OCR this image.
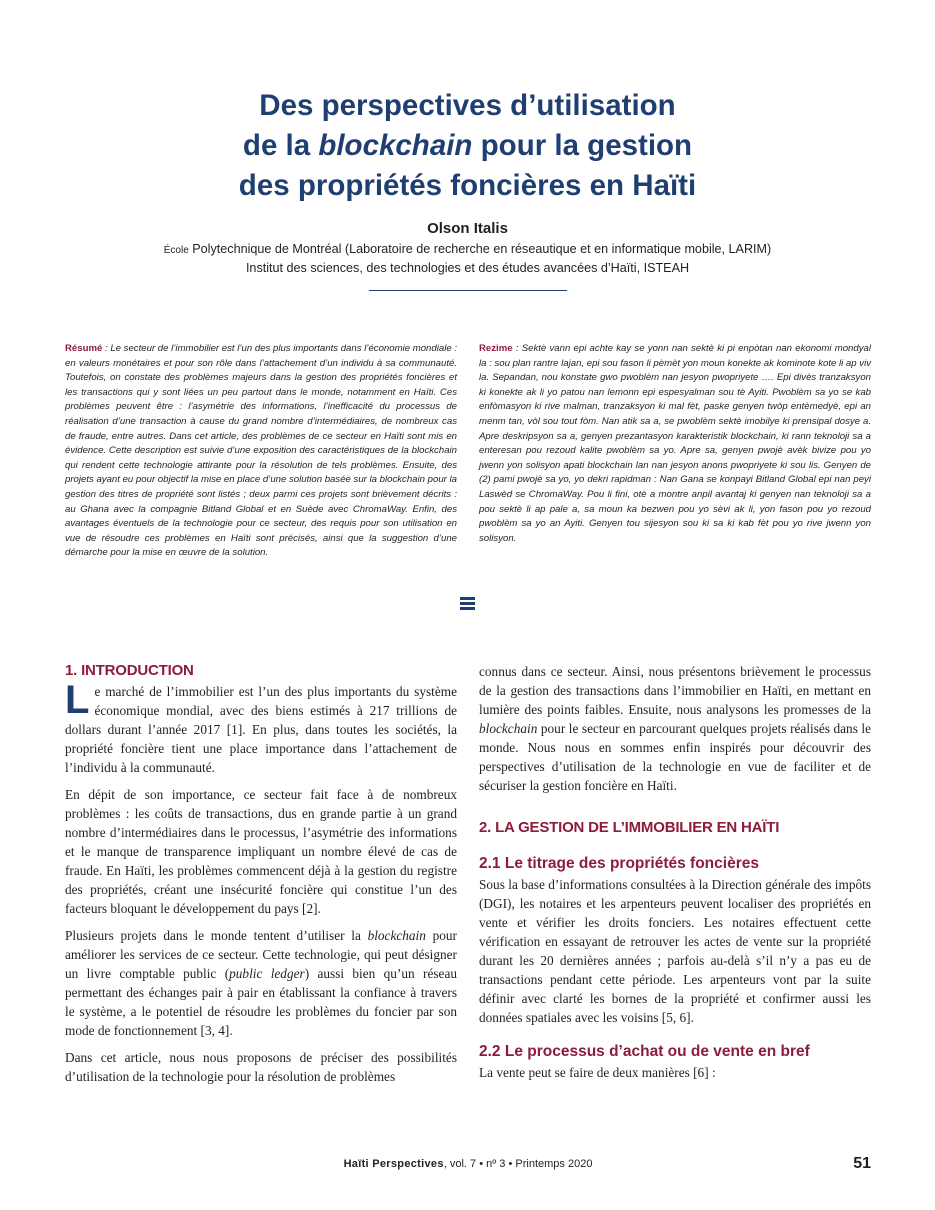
Des perspectives d’utilisation
de la blockchain pour la gestion
des propriétés foncières en Haïti
Olson Italis
École Polytechnique de Montréal (Laboratoire de recherche en réseautique et en informatique mobile, LARIM)
Institut des sciences, des technologies et des études avancées d’Haïti, ISTEAH
Résumé : Le secteur de l’immobilier est l’un des plus importants dans l’économie mondiale : en valeurs monétaires et pour son rôle dans l’attachement d’un individu à sa communauté. Toutefois, on constate des problèmes majeurs dans la gestion des propriétés foncières et les transactions qui y sont liées un peu partout dans le monde, notamment en Haïti. Ces problèmes peuvent être : l’asymétrie des informations, l’inefficacité du processus de réalisation d’une transaction à cause du grand nombre d’intermédiaires, de nombreux cas de fraude, entre autres. Dans cet article, des problèmes de ce secteur en Haïti sont mis en évidence. Cette description est suivie d’une exposition des caractéristiques de la blockchain qui rendent cette technologie attirante pour la résolution de tels problèmes. Ensuite, des projets ayant eu pour objectif la mise en place d’une solution basée sur la blockchain pour la gestion des titres de propriété sont listés ; deux parmi ces projets sont brièvement décrits : au Ghana avec la compagnie Bitland Global et en Suède avec ChromaWay. Enfin, des avantages éventuels de la technologie pour ce secteur, des requis pour son utilisation en vue de résoudre ces problèmes en Haïti sont précisés, ainsi que la suggestion d’une démarche pour la mise en œuvre de la solution.
Rezime : Sektè vann epi achte kay se yonn nan sektè ki pi enpòtan nan ekonomi mondyal la : sou plan rantre lajan, epi sou fason li pèmèt yon moun konekte ak kominote kote li ap viv la. Sepandan, nou konstate gwo pwoblèm nan jesyon pwopriyete …. Epi divès tranzaksyon ki konekte ak li yo patou nan lemonn epi espesyalman sou tè Ayiti. Pwoblèm sa yo se kab enfòmasyon ki rive malman, tranzaksyon ki mal fèt, paske genyen twòp entèmedyè, epi an menm tan, vòl sou tout fòm. Nan atik sa a, se pwoblèm sektè imobilye ki prensipal dosye a. Apre deskripsyon sa a, genyen prezantasyon karakteristik blockchain, ki rann teknoloji sa a enteresan pou rezoud kalite pwoblèm sa yo. Apre sa, genyen pwojè avèk bivize pou yo jwenn yon solisyon apati blockchain lan nan jesyon anons pwopriyete ki sou lis. Genyen de (2) pami pwojè sa yo, yo dekri rapidman : Nan Gana se konpayi Bitland Global epi nan peyi Laswèd se ChromaWay. Pou li fini, otè a montre anpil avantaj ki genyen nan teknoloji sa a pou sektè li ap pale a, sa moun ka bezwen pou yo sèvi ak li, yon fason pou yo rezoud pwoblèm sa yo an Ayiti. Genyen tou sijesyon sou ki sa ki kab fèt pou yo rive jwenn yon solisyon.
1. INTRODUCTION

Le marché de l’immobilier est l’un des plus importants du système économique mondial, avec des biens estimés à 217 trillions de dollars durant l’année 2017 [1]. En plus, dans toutes les sociétés, la propriété foncière tient une place importance dans l’attachement de l’individu à la communauté.

En dépit de son importance, ce secteur fait face à de nombreux problèmes : les coûts de transactions, dus en grande partie à un grand nombre d’intermédiaires dans le processus, l’asymétrie des informations et le manque de transparence impliquant un nombre élevé de cas de fraude. En Haïti, les problèmes commencent déjà à la gestion du registre des propriétés, créant une insécurité foncière qui constitue l’un des facteurs bloquant le développement du pays [2].

Plusieurs projets dans le monde tentent d’utiliser la blockchain pour améliorer les services de ce secteur. Cette technologie, qui peut désigner un livre comptable public (public ledger) aussi bien qu’un réseau permettant des échanges pair à pair en établissant la confiance à travers le système, a le potentiel de résoudre les problèmes du foncier par son mode de fonctionnement [3, 4].

Dans cet article, nous nous proposons de préciser des possibilités d’utilisation de la technologie pour la résolution de problèmes

connus dans ce secteur. Ainsi, nous présentons brièvement le processus de la gestion des transactions dans l’immobilier en Haïti, en mettant en lumière des points faibles. Ensuite, nous analysons les promesses de la blockchain pour le secteur en parcourant quelques projets réalisés dans le monde. Nous nous en sommes enfin inspirés pour découvrir des perspectives d’utilisation de la technologie en vue de faciliter et de sécuriser la gestion foncière en Haïti.

2. LA GESTION DE L’IMMOBILIER EN HAÏTI
2.1 Le titrage des propriétés foncières

Sous la base d’informations consultées à la Direction générale des impôts (DGI), les notaires et les arpenteurs peuvent localiser des propriétés en vente et vérifier les droits fonciers. Les notaires effectuent cette vérification en essayant de retrouver les actes de vente sur la propriété durant les 20 dernières années ; parfois au-delà s’il n’y a pas eu de transactions pendant cette période. Les arpenteurs vont par la suite définir avec clarté les bornes de la propriété et confirmer aussi les données spatiales avec les voisins [5, 6].

2.2 Le processus d’achat ou de vente en bref

La vente peut se faire de deux manières [6] :

Haïti Perspectives, vol. 7 • nº 3 • Printemps 2020	51
